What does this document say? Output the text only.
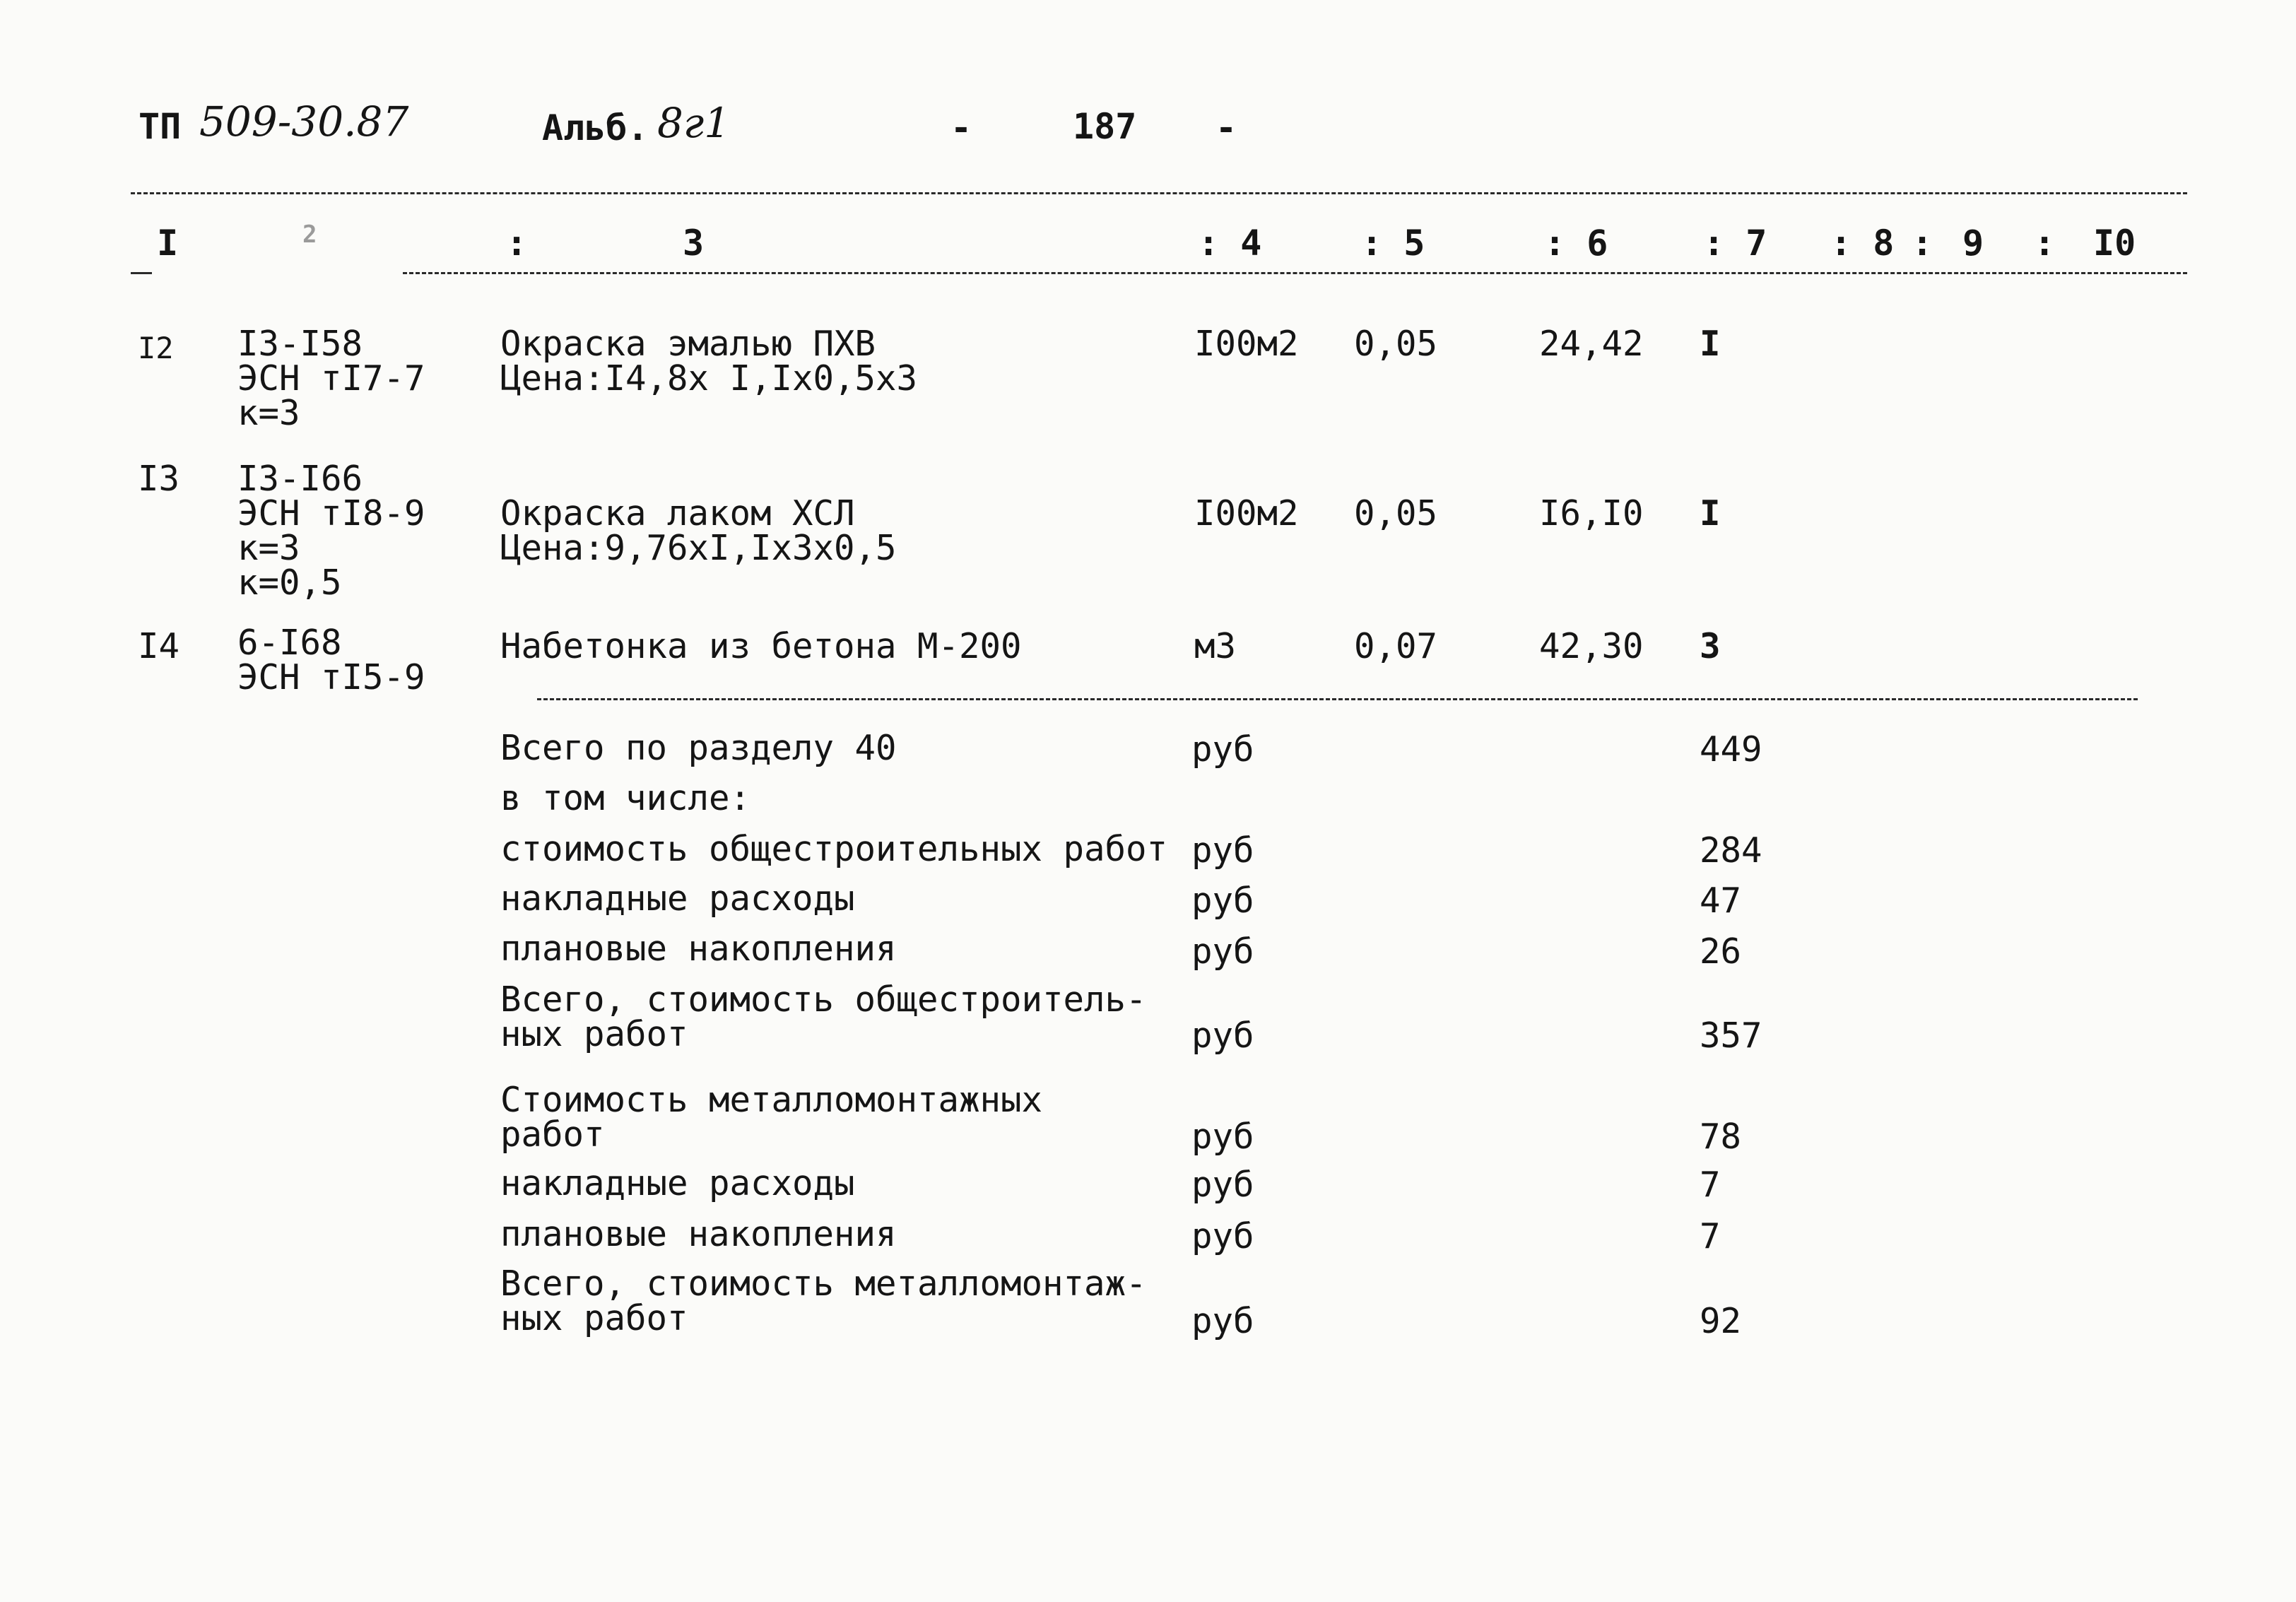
ТП 509-30.87	Альб. 8г1	-	187 -
I	2	:	3	: 4	: 5	: 6	: 7 : 8 : 9 : I0
I2 I3-I58
ЭСН тI7-7
к=3
Окраска эмалью ПХВ
Цена:I4,8х I,Iх0,5х3
I00м2 0,05	24,42 I
I3 I3-I66
ЭСН тI8-9
к=3
к=0,5
Окраска лаком ХСЛ
Цена:9,76хI,Iх3х0,5
I00м2 0,05	I6,I0 I
I4 6-I68
ЭСН тI5-9
Набетонка из бетона М-200	м3	0,07	42,30 3
Всего по разделу 40	руб	449
в том числе:
стоимость общестроительных работ руб	284
накладные расходы	руб	47
плановые накопления	руб	26
Всего, стоимость общестроитель-
ных работ	руб	357
Стоимость металломонтажных
работ	руб	78
накладные расходы	руб	7
плановые накопления	руб	7
Всего, стоимость металломонтаж-
ных работ	руб	92
